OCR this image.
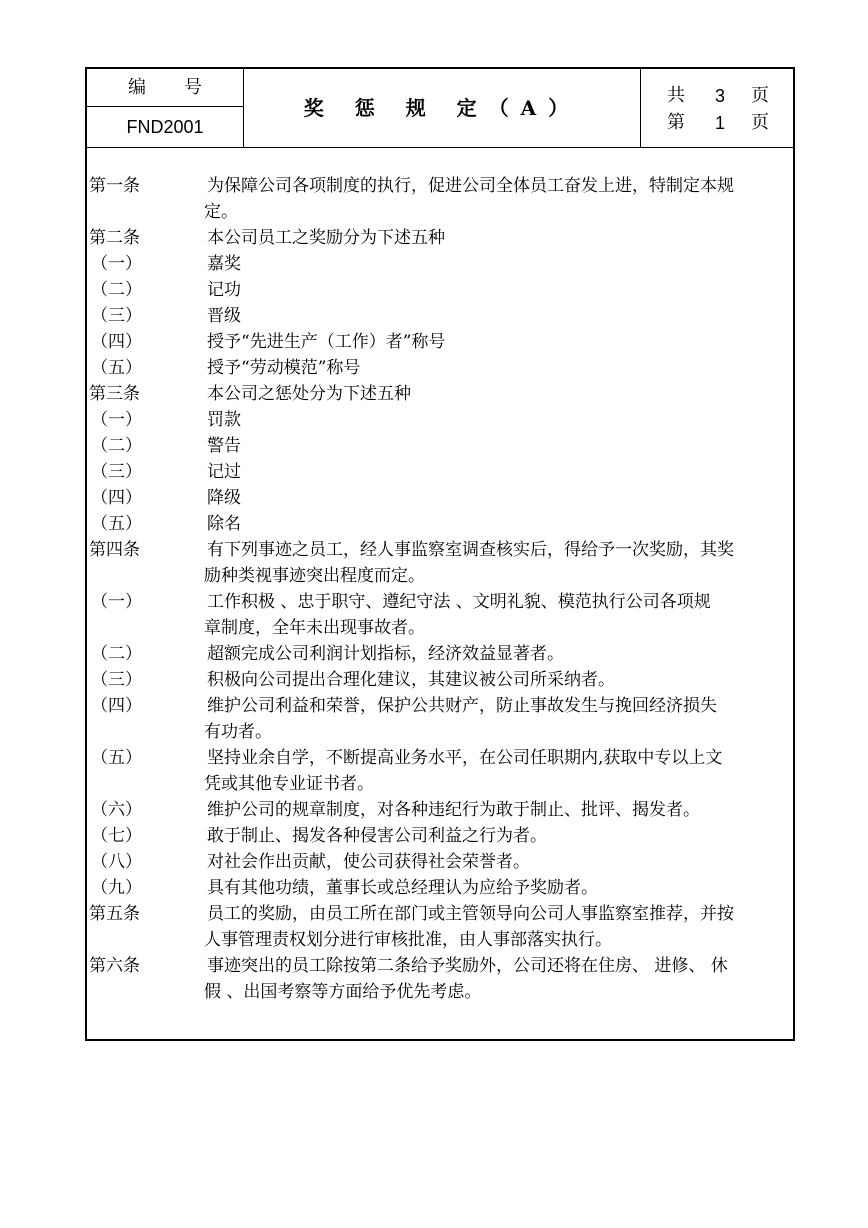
编号
FND2001
奖 惩 规 定（A）
共 3 页
第 1 页
第一条	为保障公司各项制度的执行，促进公司全体员工奋发上进，特制定本规
定。
第二条	本公司员工之奖励分为下述五种
（一）	嘉奖
（二）	记功
（三）	晋级
（四）	授予“先进生产（工作）者”称号
（五）	授予“劳动模范”称号
第三条	本公司之惩处分为下述五种
（一）	罚款
（二）	警告
（三）	记过
（四）	降级
（五）	除名
第四条	有下列事迹之员工，经人事监察室调查核实后，得给予一次奖励，其奖
励种类视事迹突出程度而定。
（一）	工作积极 、忠于职守、遵纪守法 、文明礼貌、模范执行公司各项规
章制度，全年未出现事故者。
（二）	超额完成公司利润计划指标，经济效益显著者。
（三）	积极向公司提出合理化建议，其建议被公司所采纳者。
（四）	维护公司利益和荣誉，保护公共财产，防止事故发生与挽回经济损失
有功者。
（五）	坚持业余自学，不断提高业务水平，在公司任职期内,获取中专以上文
凭或其他专业证书者。
（六）	维护公司的规章制度，对各种违纪行为敢于制止、批评、揭发者。
（七）	敢于制止、揭发各种侵害公司利益之行为者。
（八）	对社会作出贡献，使公司获得社会荣誉者。
（九）	具有其他功绩，董事长或总经理认为应给予奖励者。
第五条	员工的奖励，由员工所在部门或主管领导向公司人事监察室推荐，并按
人事管理责权划分进行审核批准，由人事部落实执行。
第六条	事迹突出的员工除按第二条给予奖励外，公司还将在住房、 进修、 休
假 、出国考察等方面给予优先考虑。
